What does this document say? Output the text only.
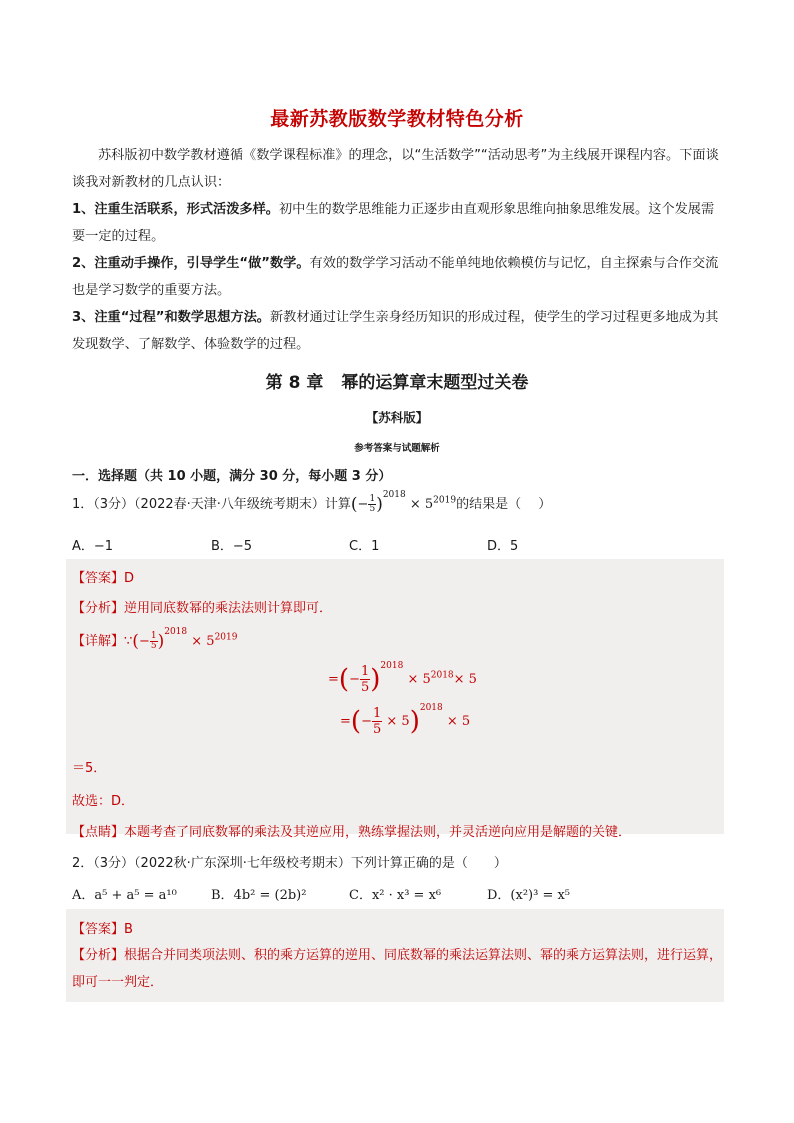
最新苏教版数学教材特色分析
苏科版初中数学教材遵循《数学课程标准》的理念，以“生活数学”“活动思考”为主线展开课程内容。下面谈谈我对新教材的几点认识：
1、注重生活联系，形式活泼多样。初中生的数学思维能力正逐步由直观形象思维向抽象思维发展。这个发展需要一定的过程。
2、注重动手操作，引导学生“做”数学。有效的数学学习活动不能单纯地依赖模仿与记忆，自主探索与合作交流也是学习数学的重要方法。
3、注重“过程”和数学思想方法。新教材通过让学生亲身经历知识的形成过程，使学生的学习过程更多地成为其发现数学、了解数学、体验数学的过程。
第 8 章 幂的运算章末题型过关卷
【苏科版】
参考答案与试题解析
一．选择题（共 10 小题，满分 30 分，每小题 3 分）
1．（3分）（2022春·天津·八年级统考期末）计算(− $\frac{1}{5} )^{2018} \times 5^{2019}$的结果是（　 ）
A．−1	B．−5	C．1	D．5
【答案】D
【分析】逆用同底数幂的乘法法则计算即可．
【详解】∵(− $\frac{1}{5} )^{2018} \times 5^{2019}$
=(− $\frac{1}{5} )^{2018} \times 5^{2018}\times 5$
=(− $\frac{1}{5} \times 5)^{2018} \times 5$
＝5．
故选：D．
【点睛】本题考查了同底数幂的乘法及其逆应用，熟练掌握法则，并灵活逆向应用是解题的关键．
2．（3分）（2022秋·广东深圳·七年级校考期末）下列计算正确的是（　　）
A．a⁵ + a⁵ = a¹⁰	B．4b² = (2b)²	C．x² · x³ = x⁶	D．(x²)³ = x⁵
【答案】B
【分析】根据合并同类项法则、积的乘方运算的逆用、同底数幂的乘法运算法则、幂的乘方运算法则，进行运算，即可一一判定．
